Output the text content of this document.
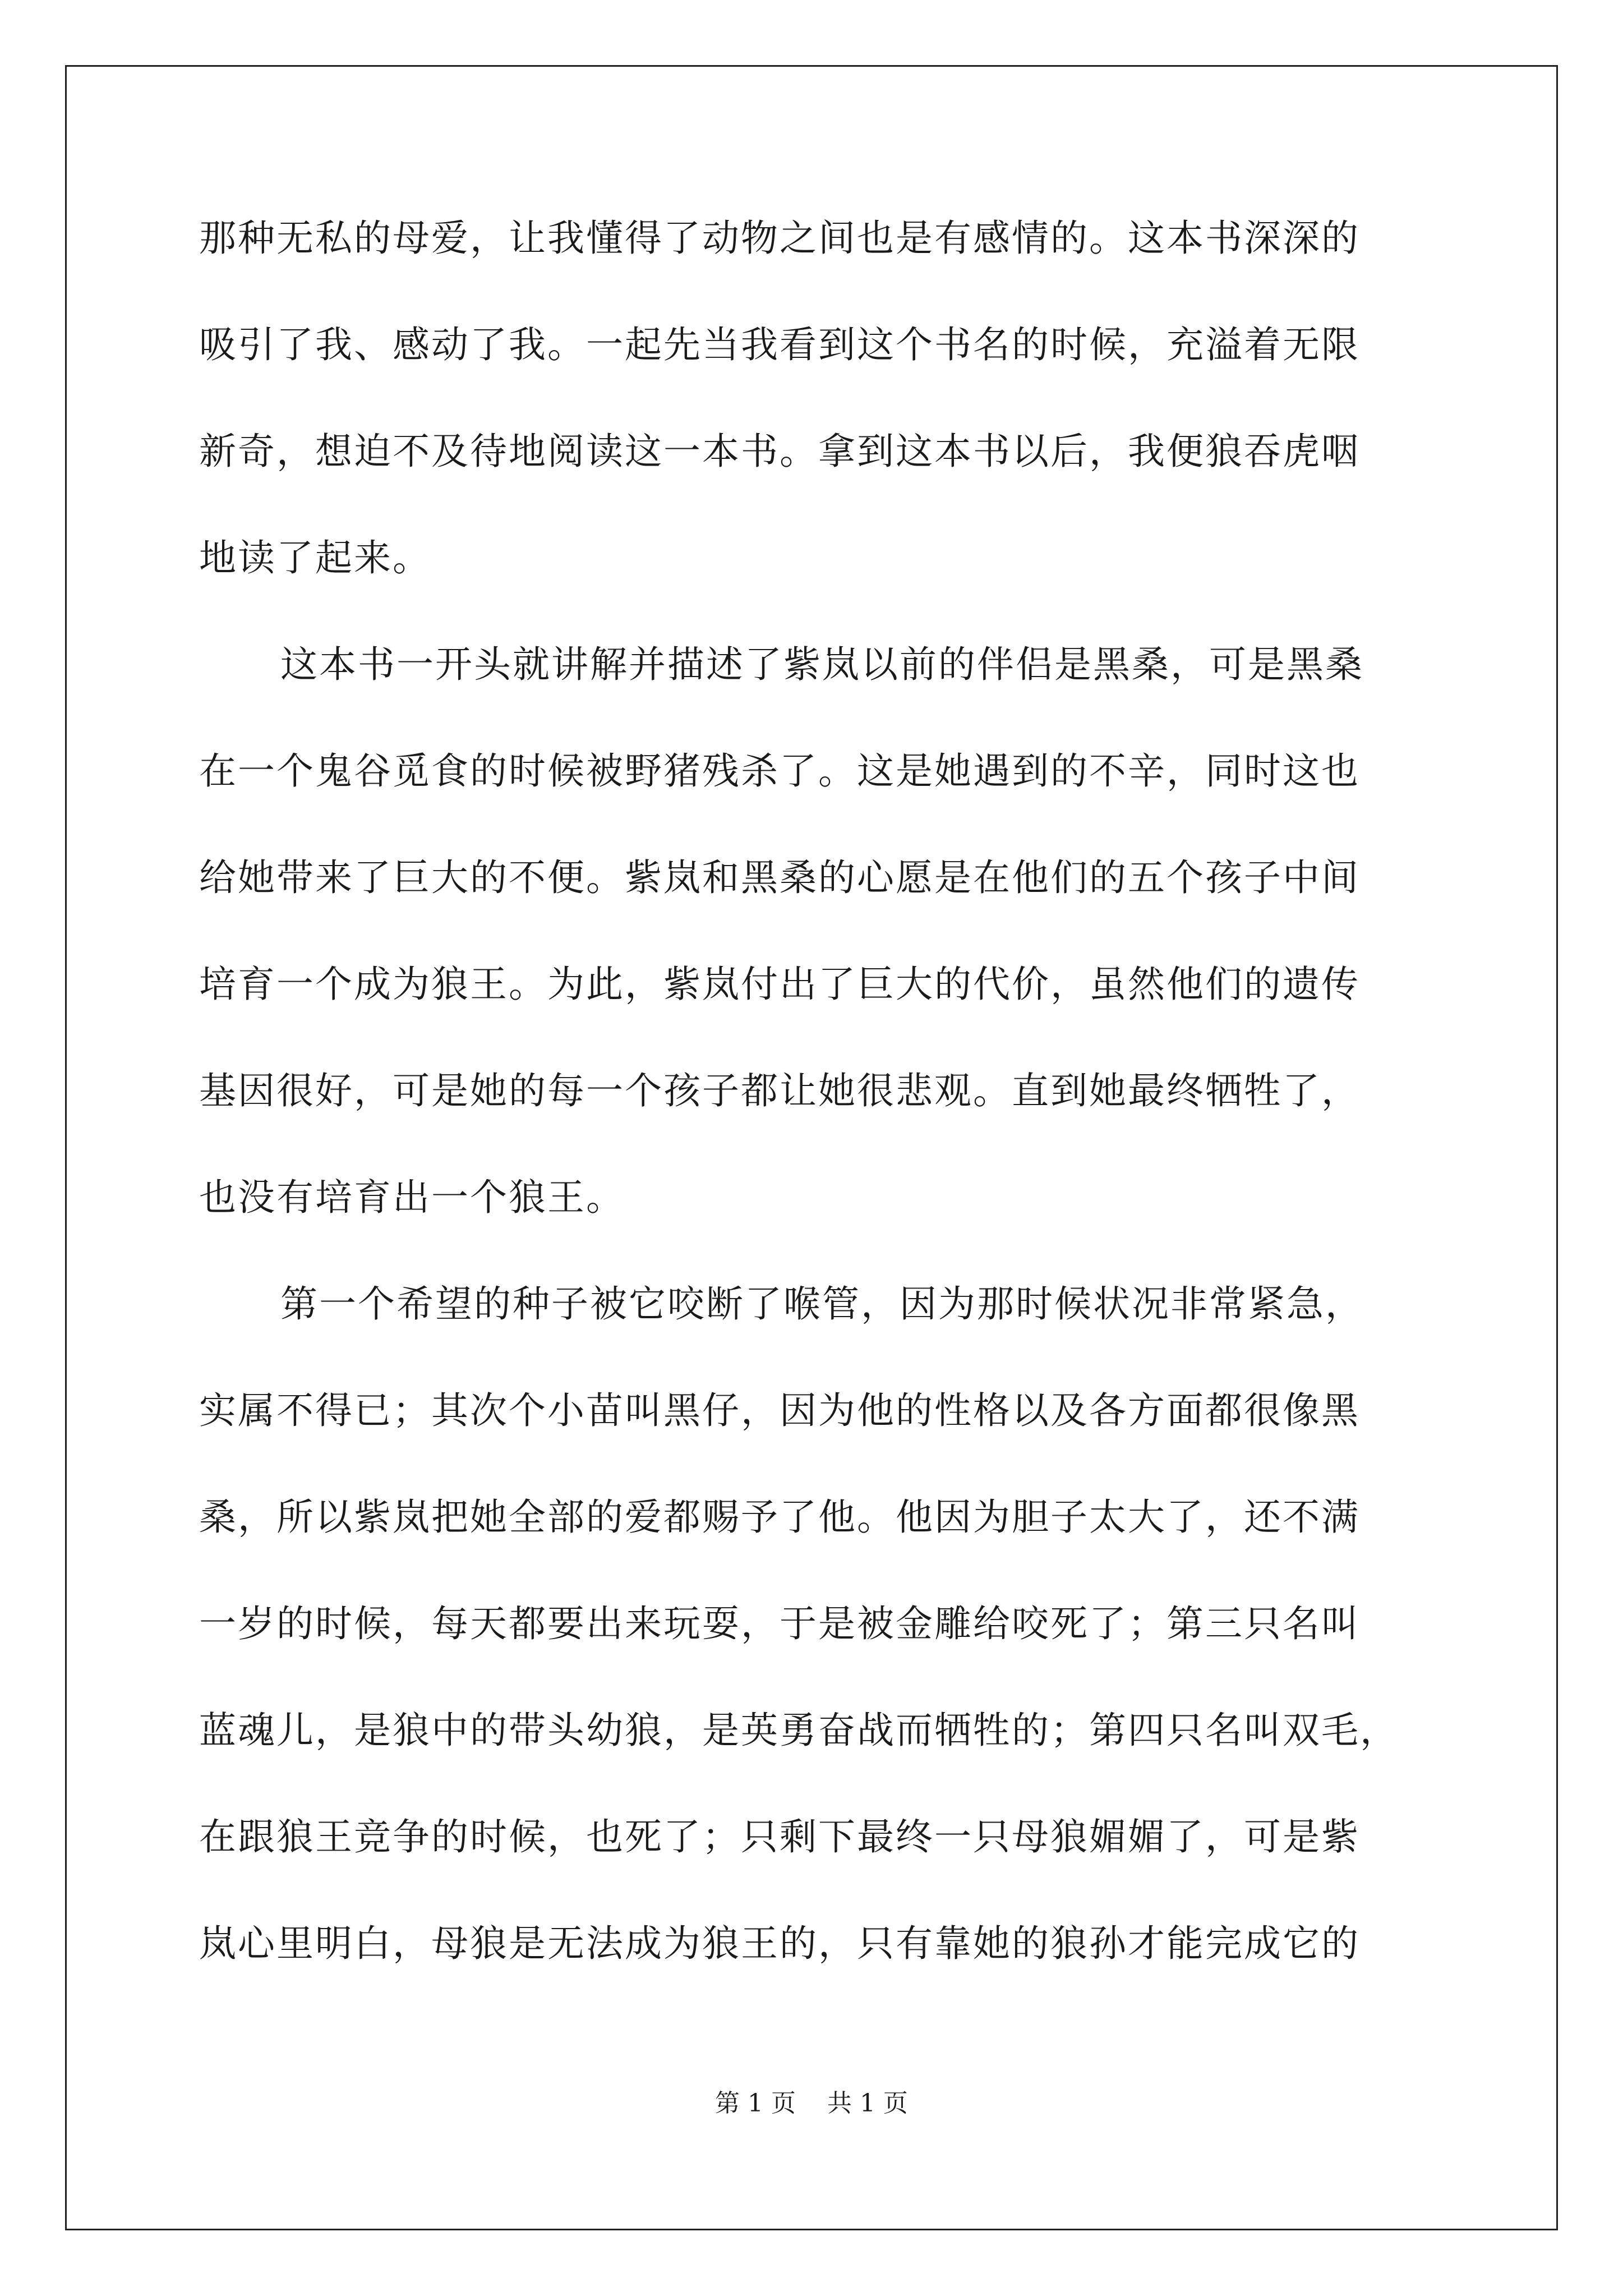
那种无私的母爱，让我懂得了动物之间也是有感情的。这本书深深的

吸引了我、感动了我。一起先当我看到这个书名的时候，充溢着无限

新奇，想迫不及待地阅读这一本书。拿到这本书以后，我便狼吞虎咽

地读了起来。

这本书一开头就讲解并描述了紫岚以前的伴侣是黑桑，可是黑桑

在一个鬼谷觅食的时候被野猪残杀了。这是她遇到的不辛，同时这也

给她带来了巨大的不便。紫岚和黑桑的心愿是在他们的五个孩子中间

培育一个成为狼王。为此，紫岚付出了巨大的代价，虽然他们的遗传

基因很好，可是她的每一个孩子都让她很悲观。直到她最终牺牲了，

也没有培育出一个狼王。

第一个希望的种子被它咬断了喉管，因为那时候状况非常紧急，

实属不得已；其次个小苗叫黑仔，因为他的性格以及各方面都很像黑

桑，所以紫岚把她全部的爱都赐予了他。他因为胆子太大了，还不满

一岁的时候，每天都要出来玩耍，于是被金雕给咬死了；第三只名叫

蓝魂儿，是狼中的带头幼狼，是英勇奋战而牺牲的；第四只名叫双毛，

在跟狼王竞争的时候，也死了；只剩下最终一只母狼媚媚了，可是紫

岚心里明白，母狼是无法成为狼王的，只有靠她的狼孙才能完成它的

第 1 页    共 1 页
